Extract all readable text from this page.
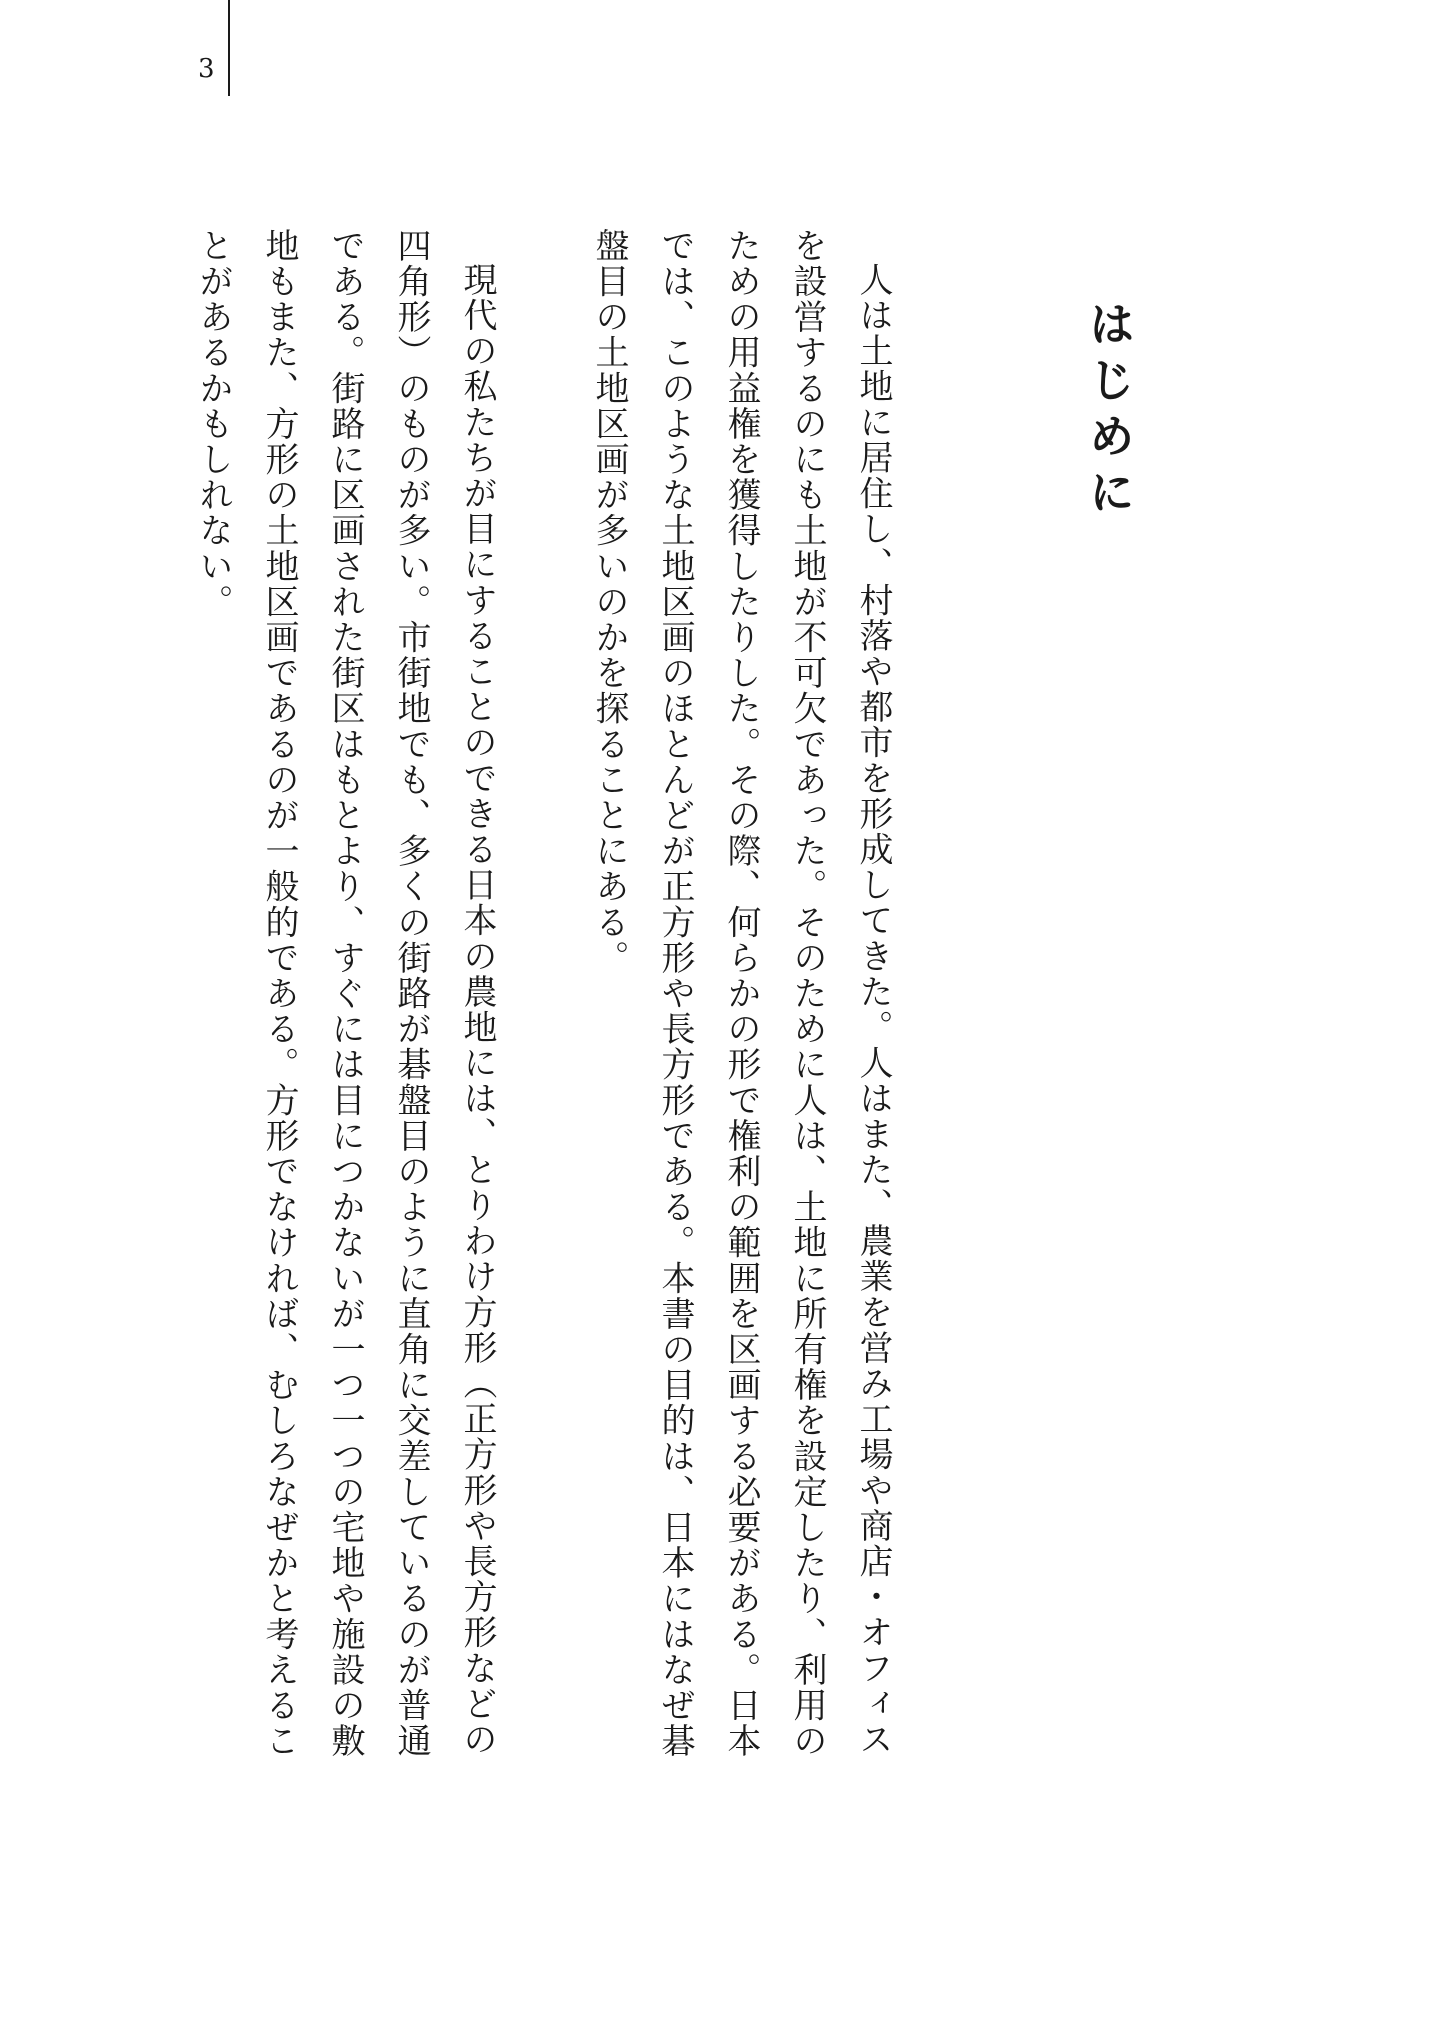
3
はじめに

人は土地に居住し、村落や都市を形成してきた。人はまた、農業を営み工場や商店・オフィスを設営するのにも土地が不可欠であった。そのために人は、土地に所有権を設定したり、利用のための用益権を獲得したりした。その際、何らかの形で権利の範囲を区画する必要がある。日本では、このような土地区画のほとんどが正方形や長方形である。本書の目的は、日本にはなぜ碁盤目の土地区画が多いのかを探ることにある。

現代の私たちが目にすることのできる日本の農地には、とりわけ方形（正方形や長方形などの四角形）のものが多い。市街地でも、多くの街路が碁盤目のように直角に交差しているのが普通である。街路に区画された街区はもとより、すぐには目につかないが一つ一つの宅地や施設の敷地もまた、方形の土地区画であるのが一般的である。方形でなければ、むしろなぜかと考えることがあるかもしれない。
